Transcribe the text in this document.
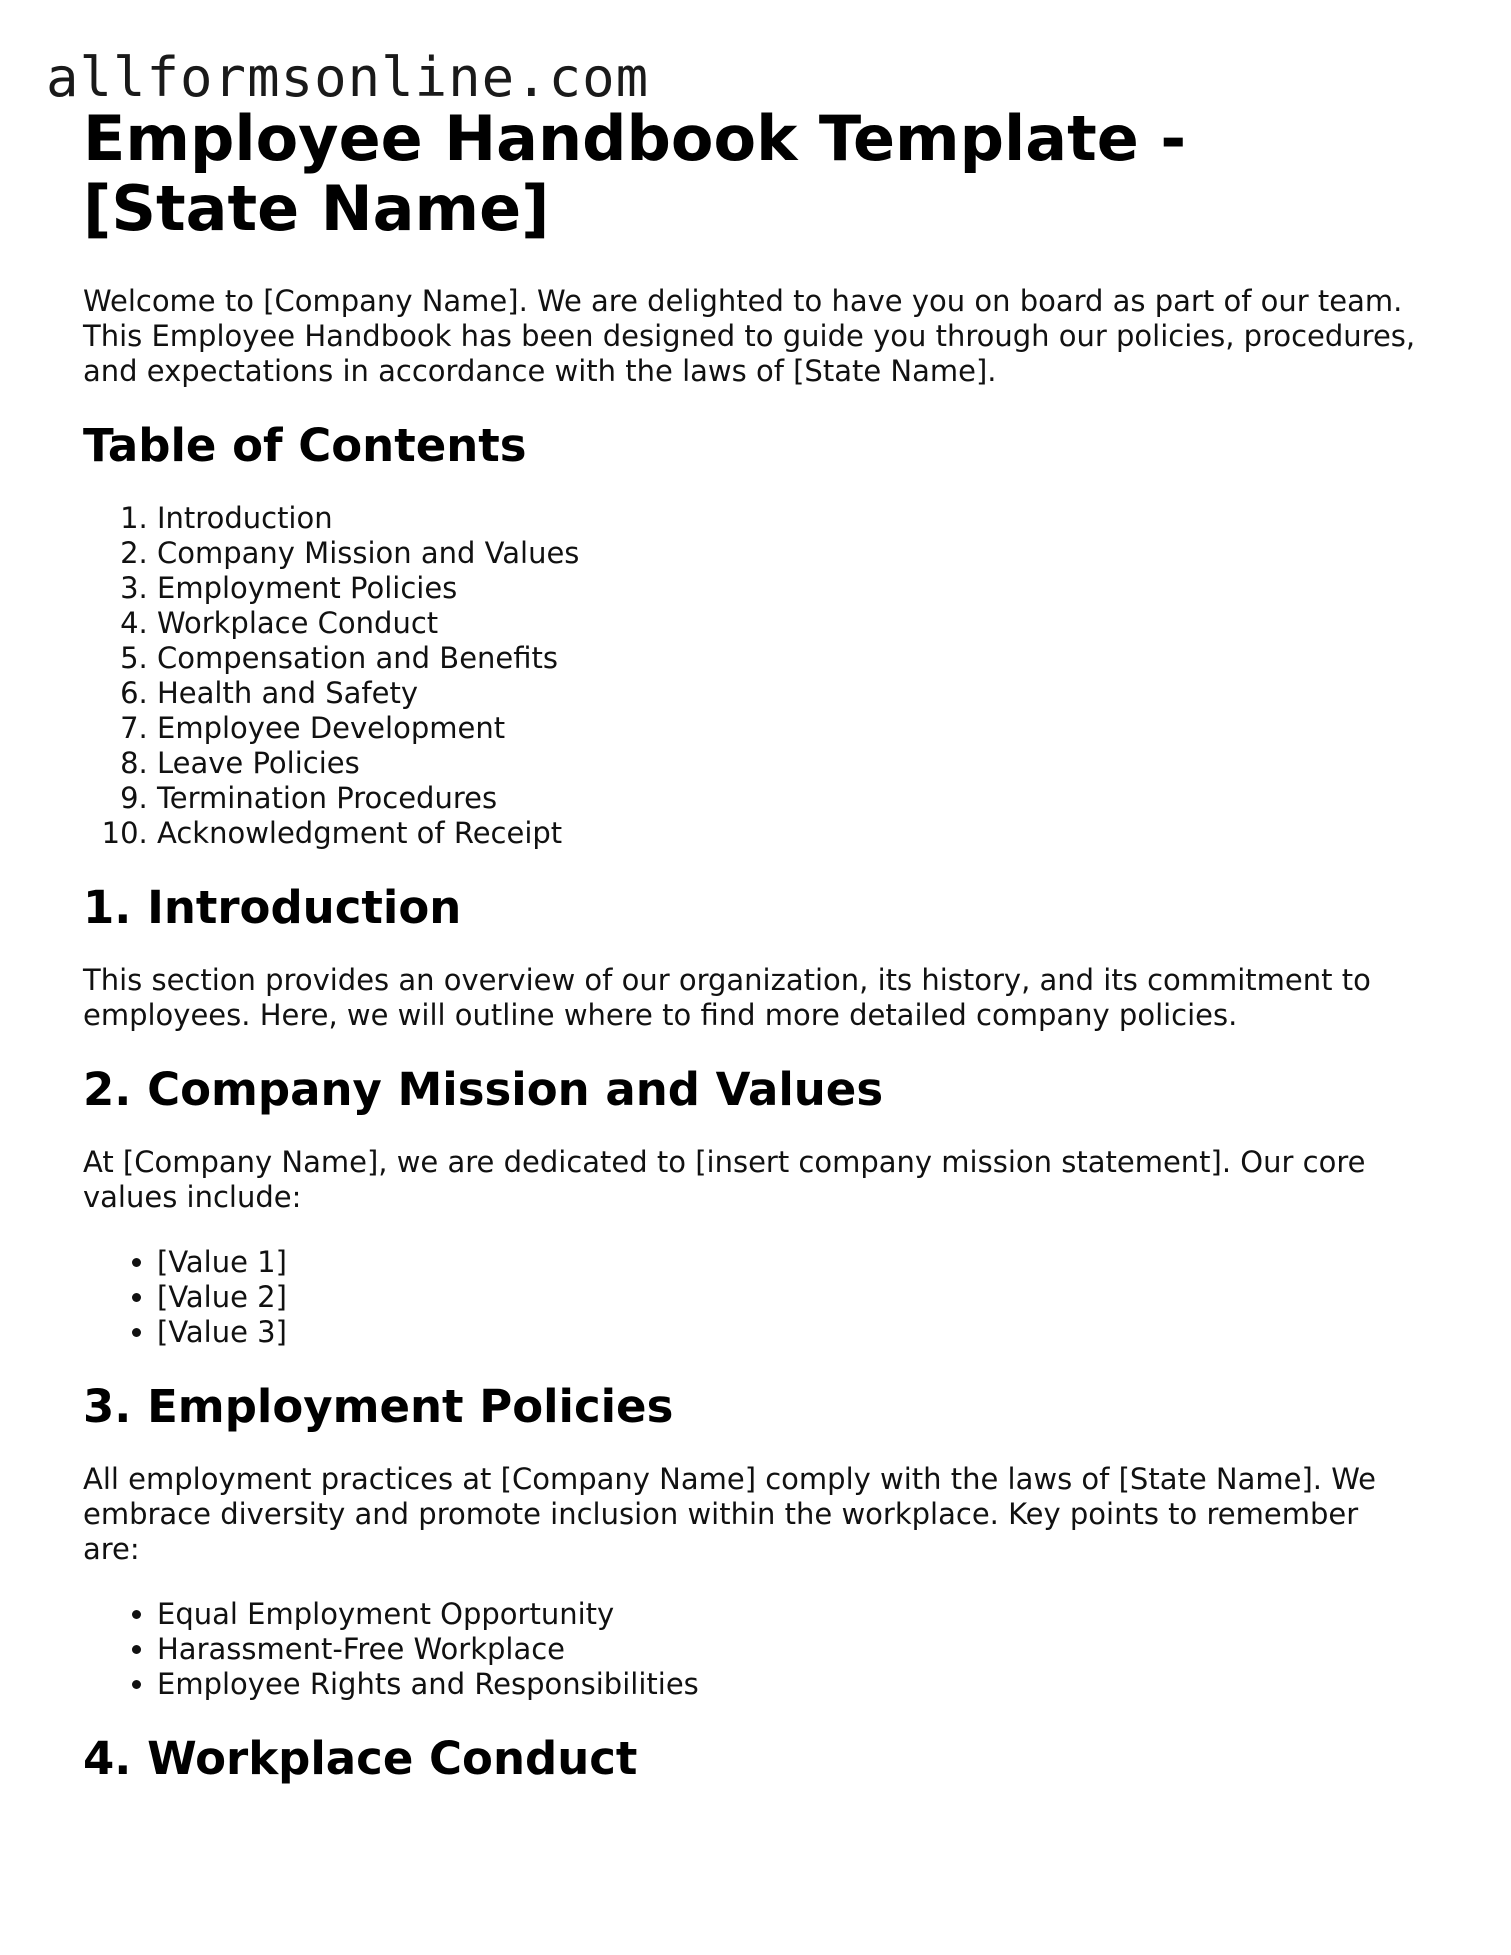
allformsonline.com
Employee Handbook Template - [State Name]

Welcome to [Company Name]. We are delighted to have you on board as part of our team. This Employee Handbook has been designed to guide you through our policies, procedures, and expectations in accordance with the laws of [State Name].

Table of Contents
1. Introduction
2. Company Mission and Values
3. Employment Policies
4. Workplace Conduct
5. Compensation and Benefits
6. Health and Safety
7. Employee Development
8. Leave Policies
9. Termination Procedures
10. Acknowledgment of Receipt
1. Introduction

This section provides an overview of our organization, its history, and its commitment to employees. Here, we will outline where to find more detailed company policies.

2. Company Mission and Values

At [Company Name], we are dedicated to [insert company mission statement]. Our core values include:

• [Value 1]
• [Value 2]
• [Value 3]
3. Employment Policies

All employment practices at [Company Name] comply with the laws of [State Name]. We embrace diversity and promote inclusion within the workplace. Key points to remember are:

• Equal Employment Opportunity
• Harassment-Free Workplace
• Employee Rights and Responsibilities
4. Workplace Conduct
